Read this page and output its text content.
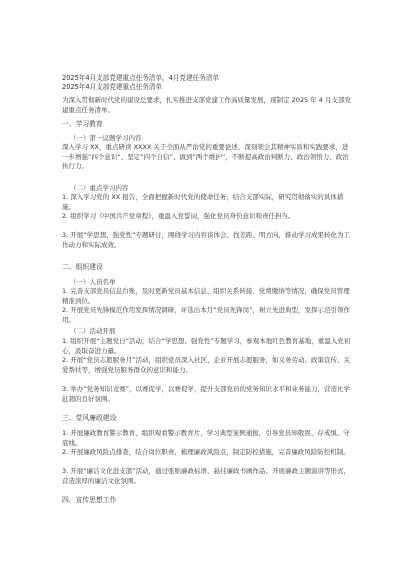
2025年4月支部党建重点任务清单，4月党建任务清单
2025年4月支部党建重点任务清单
为深入贯彻新时代党的建设总要求，扎实推进支部党建工作高质量发展，现制定 2025 年 4 月支部党建重点任务清单。
一、学习教育
（一）第一议题学习内容
深入学习 XX，重点研读 XXXX 关于全面从严治党的重要论述，深刻领会其精神实质和实践要求，进一步增强“四个意识”、坚定“四个自信”、做到“两个维护”，不断提高政治判断力、政治领悟力、政治执行力。
（二）重点学习内容
1. 深入学习党的 XX 报告，全面把握新时代党的使命任务，结合支部实际，研究贯彻落实的具体措施。
2. 组织学习《中国共产党章程》，重温入党誓词，强化党员身份意识和责任担当。
3. 开展“学思想、强党性”专题研讨，围绕学习内容谈体会、找差距、明方向，推动学习成果转化为工作动力和实际成效。
二、组织建设
（一）人员名单
1. 完善支部党员信息台账，及时更新党员基本信息、组织关系转接、党费缴纳等情况，确保党员管理精准到位。
2. 开展党员先锋模范作用发挥情况调研，评选出本月“党员先锋岗”，树立先进典型，发挥示范引领作用。
（二）活动开展
1. 组织开展“主题党日”活动，结合“学思想、强党性”专题学习，参观本地红色教育基地，重温入党初心，汲取奋进力量。
2. 开展“党员志愿服务月”活动，组织党员深入社区、企业开展志愿服务，如义务劳动、政策宣传、关爱帮扶等，增强党员服务群众的意识和能力。
3. 举办“党务知识竞赛”，以赛促学，以赛促学，提升支部党员的党务知识水平和业务能力，营造比学赶超的良好氛围。
三、党风廉政建设
1. 开展廉政教育警示教育，组织观看警示教育片，学习典型案例通报，引导党员知敬畏、存戒惧、守底线。
2. 开展廉政风险点排查，结合岗位职责，梳理廉政风险点，制定防控措施，完善廉政风险防控机制。
3. 开展“廉洁文化进支部”活动，通过张贴廉政标语、悬挂廉政书画作品、开展廉政主题演讲等形式，营造浓厚的廉洁文化氛围。
四、宣传思想工作
